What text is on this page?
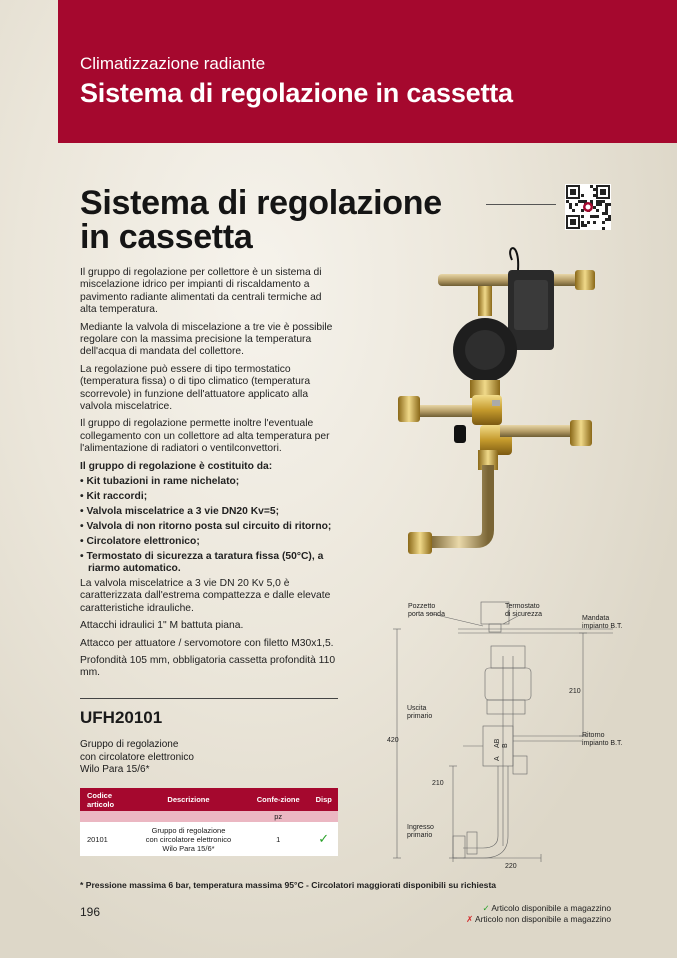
Climatizzazione radiante
Sistema di regolazione in cassetta
Sistema di regolazione
in cassetta

Il gruppo di regolazione per collettore è un sistema di miscelazione idrico per impianti di riscaldamento a pavimento radiante alimentati da centrali termiche ad alta temperatura.

Mediante la valvola di miscelazione a tre vie è possibile regolare con la massima precisione la temperatura dell'acqua di mandata del collettore.

La regolazione può essere di tipo termostatico (temperatura fissa) o di tipo climatico (temperatura scorrevole) in funzione dell'attuatore applicato alla valvola miscelatrice.

Il gruppo di regolazione permette inoltre l'eventuale collegamento con un collettore ad alta temperatura per l'alimentazione di radiatori o ventilconvettori.

Il gruppo di regolazione è costituito da:

• Kit tubazioni in rame nichelato;
• Kit raccordi;
• Valvola miscelatrice a 3 vie DN20 Kv=5;
• Valvola di non ritorno posta sul circuito di ritorno;
• Circolatore elettronico;
• Termostato di sicurezza a taratura fissa (50°C), a riarmo automatico.

La valvola miscelatrice a 3 vie DN 20 Kv 5,0 è caratterizzata dall'estrema compattezza e dalle elevate caratteristiche idrauliche.

Attacchi idraulici 1" M battuta piana.

Attacco per attuatore / servomotore con filetto M30x1,5.

Profondità 105 mm, obbligatoria cassetta profondità 110 mm.

Pozzetto
porta sonda
Termostato
di sicurezza
Mandata
impianto B.T.
Uscita
primario
Ritorno
impianto B.T.
Ingresso
primario
420
210
210
220
A
AB B
UFH20101
Gruppo di regolazione
con circolatore elettronico
Wilo Para 15/6*
Codice articolo	Descrizione	Confe-zione	Disp
		pz	
20101	Gruppo di regolazione
con circolatore elettronico
Wilo Para 15/6*	1	✓
* Pressione massima 6 bar, temperatura massima 95°C - Circolatori maggiorati disponibili su richiesta
196	✓ Articolo disponibile a magazzino
✗ Articolo non disponibile a magazzino
